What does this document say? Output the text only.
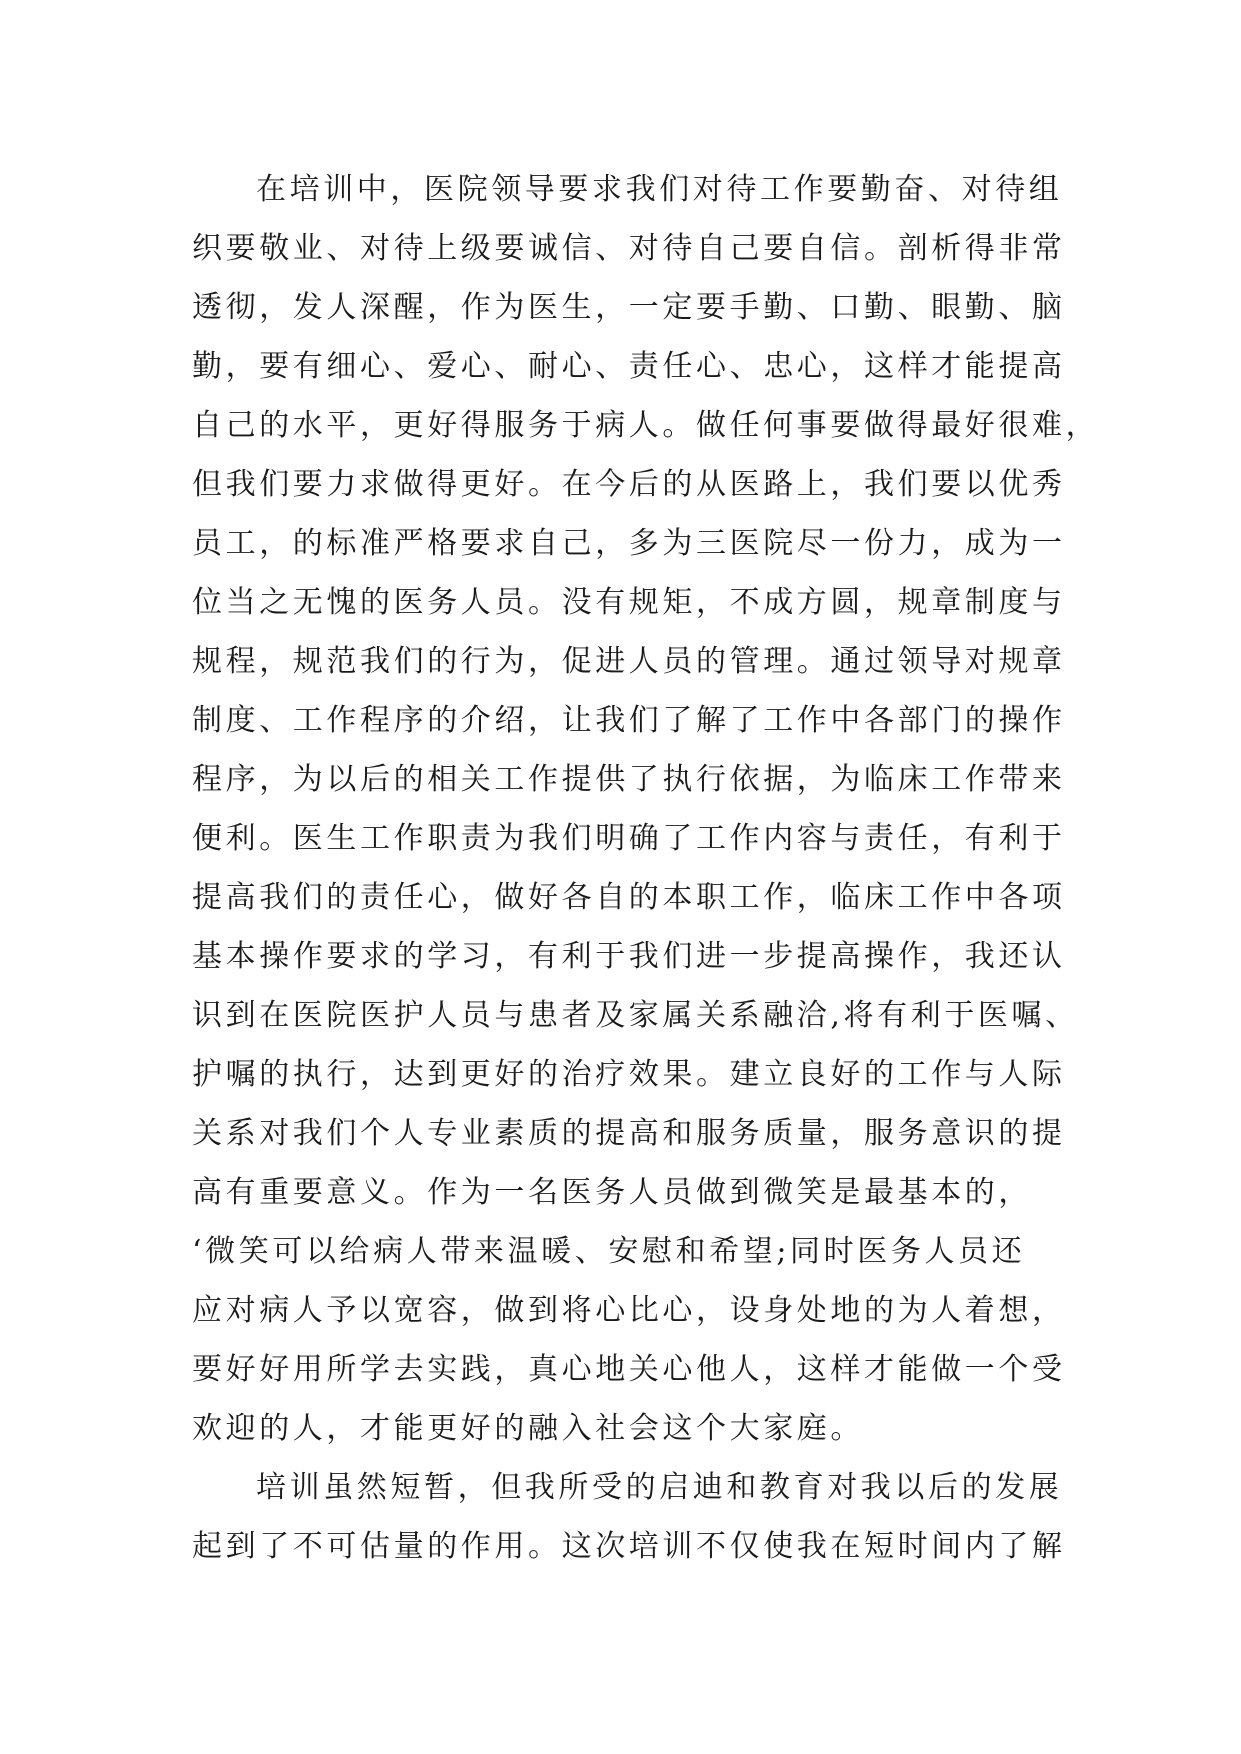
在培训中，医院领导要求我们对待工作要勤奋、对待组
织要敬业、对待上级要诚信、对待自己要自信。剖析得非常
透彻，发人深醒，作为医生，一定要手勤、口勤、眼勤、脑
勤，要有细心、爱心、耐心、责任心、忠心，这样才能提高
自己的水平，更好得服务于病人。做任何事要做得最好很难，
但我们要力求做得更好。在今后的从医路上，我们要以优秀
员工，的标准严格要求自己，多为三医院尽一份力，成为一
位当之无愧的医务人员。没有规矩，不成方圆，规章制度与
规程，规范我们的行为，促进人员的管理。通过领导对规章
制度、工作程序的介绍，让我们了解了工作中各部门的操作
程序，为以后的相关工作提供了执行依据，为临床工作带来
便利。医生工作职责为我们明确了工作内容与责任，有利于
提高我们的责任心，做好各自的本职工作，临床工作中各项
基本操作要求的学习，有利于我们进一步提高操作，我还认
识到在医院医护人员与患者及家属关系融洽,将有利于医嘱、
护嘱的执行，达到更好的治疗效果。建立良好的工作与人际
关系对我们个人专业素质的提高和服务质量，服务意识的提
高有重要意义。作为一名医务人员做到微笑是最基本的，
‘微笑可以给病人带来温暖、安慰和希望;同时医务人员还
应对病人予以宽容，做到将心比心，设身处地的为人着想，
要好好用所学去实践，真心地关心他人，这样才能做一个受
欢迎的人，才能更好的融入社会这个大家庭。
培训虽然短暂，但我所受的启迪和教育对我以后的发展
起到了不可估量的作用。这次培训不仅使我在短时间内了解
